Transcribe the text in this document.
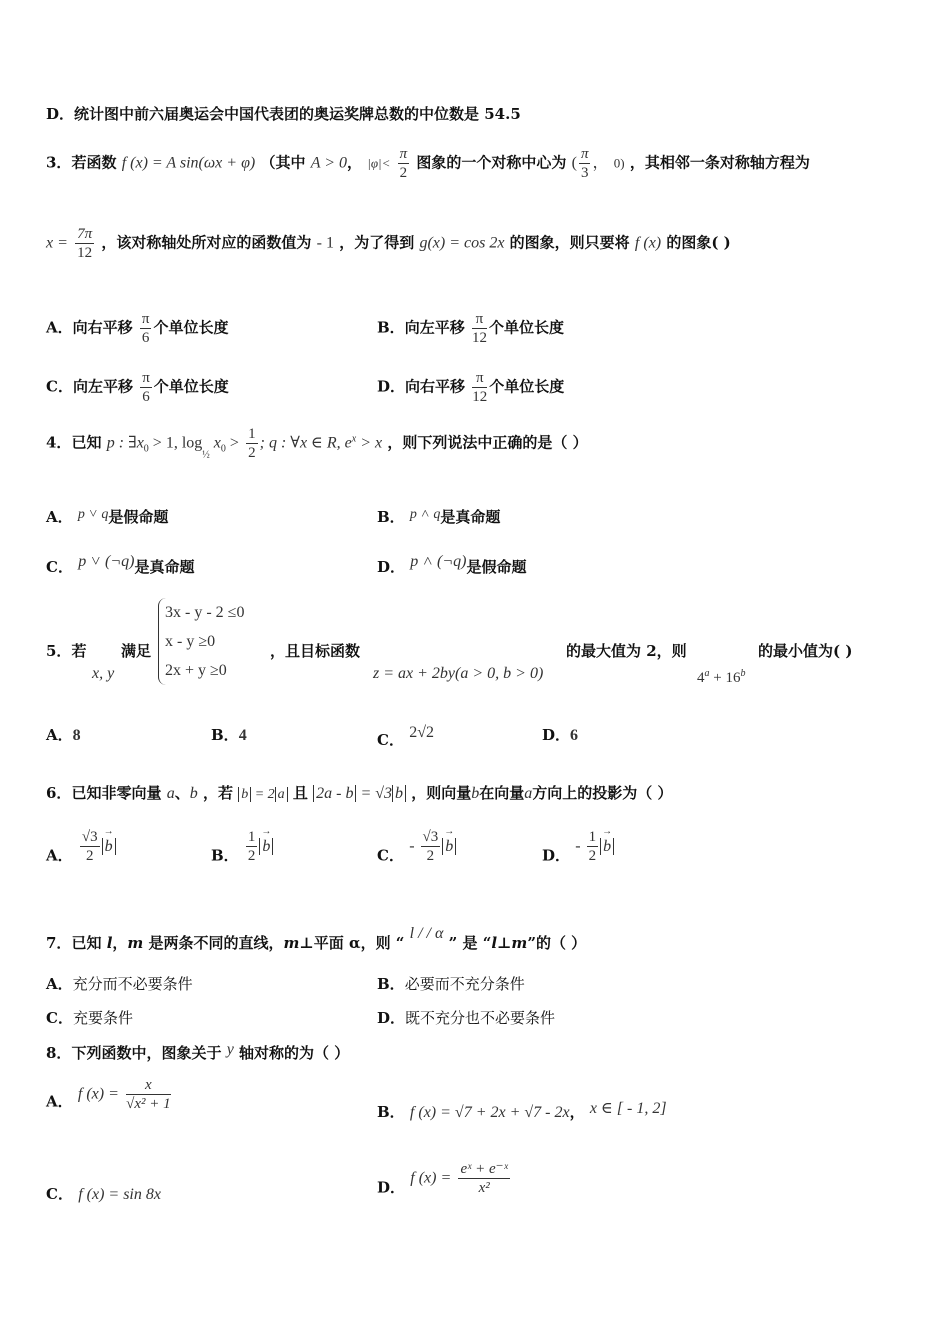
D．统计图中前六届奥运会中国代表团的奥运奖牌总数的中位数是 54.5
3．若函数 f (x) = A sin(ωx + φ) （其中 A > 0， $|\varphi|< \frac{\pi}{2}$ 图象的一个对称中心为 ( $\frac{\pi}{3}$ ， 0) ，其相邻一条对称轴方程为
$x = \frac{7\pi}{12}$ ，该对称轴处所对应的函数值为 - 1 ，为了得到 g(x) = cos 2x 的图象，则只要将 f (x) 的图象( )
A．向右平移 $\frac{\pi}{6}$ 个单位长度	B．向左平移 $\frac{\pi}{12}$ 个单位长度
C．向左平移 $\frac{\pi}{6}$ 个单位长度	D．向右平移 $\frac{\pi}{12}$ 个单位长度
4．已知 p : $\exists x_0 > 1$, $\log_{\frac{1}{2}} x_0 > \frac{1}{2}$ ; q : ∀x ∈ R, $e^x > x$ ，则下列说法中正确的是（ ）
A． p ˅ q是假命题	B． p ˄ q是真命题
C． p ˅ (¬q)是真命题	D． p ˄ (¬q)是假命题
5．若 满足
x, y
3x - y - 2 ≤0
x - y ≥0
2x + y ≥0
，且目标函数
z = ax + 2by(a > 0, b > 0)
的最大值为 2，则
$4^a + 16^b$
的最小值为( )
A．8	B．4	C． 2√2	D．6
6．已知非零向量 a、b ，若 b = 2 a 且 2a - b = √3 b ，则向量b在向量a方向上的投影为（ ）
A． $\frac{√3}{2}$
→ b
B． $\frac{1}{2}$
→ b
C． - $\frac{√3}{2}$
→ b
D． - $\frac{1}{2}$
→ b
7．已知 l，m 是两条不同的直线，m⊥平面 α，则 “ l / / α ” 是 “l⊥m”的（ ）
A．充分而不必要条件	B．必要而不充分条件
C．充要条件	D．既不充分也不必要条件
8．下列函数中，图象关于 y 轴对称的为（ ）
A． f $(x) = \frac{x}{\text{√x² + 1}}$	B． f (x) = √7 + 2x + √7 - 2x， x ∈ [ - 1, 2]
C． f (x) = sin 8x	D． f $(x) = \frac{\text{eˣ + e⁻ˣ}}{\text{x²}}$
